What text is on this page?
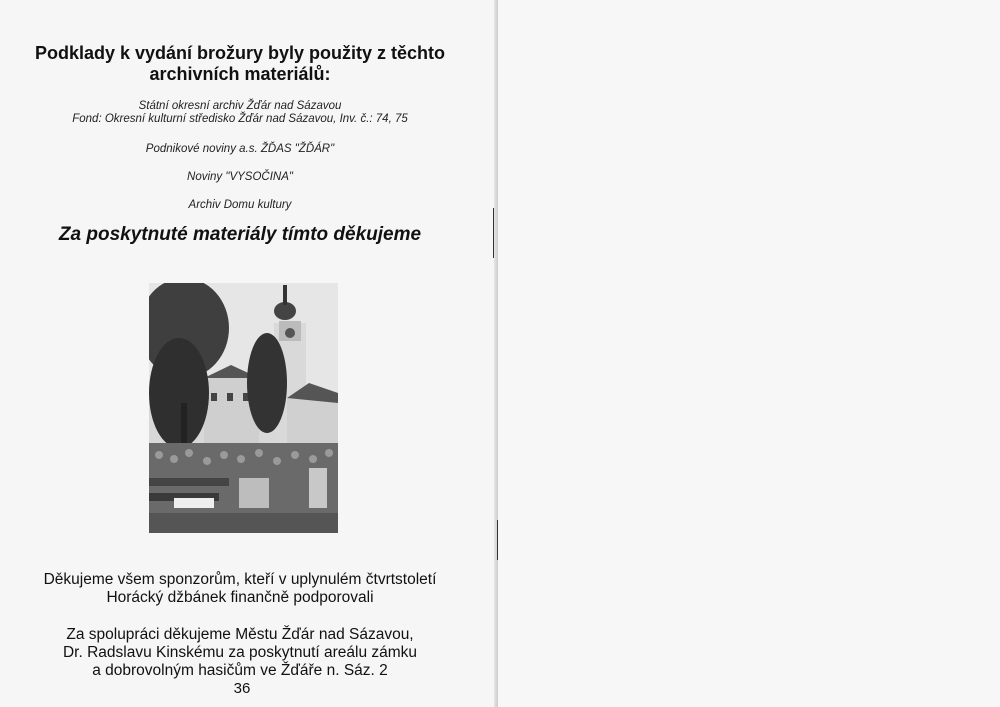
Podklady k vydání brožury byly použity z těchto
archivních materiálů:
Státní okresní archiv Žďár nad Sázavou
Fond: Okresní kulturní středisko Žďár nad Sázavou, Inv. č.: 74, 75
Podnikové noviny a.s. ŽĎAS "ŽĎÁR"
Noviny "VYSOČINA"
Archiv Domu kultury
Za poskytnuté materiály tímto děkujeme
Děkujeme všem sponzorům, kteří v uplynulém čtvrtstoletí
Horácký džbánek finančně podporovali
Za spolupráci děkujeme Městu Žďár nad Sázavou,
Dr. Radslavu Kinskému za poskytnutí areálu zámku
a dobrovolným hasičům ve Žďáře n. Sáz. 2
36
